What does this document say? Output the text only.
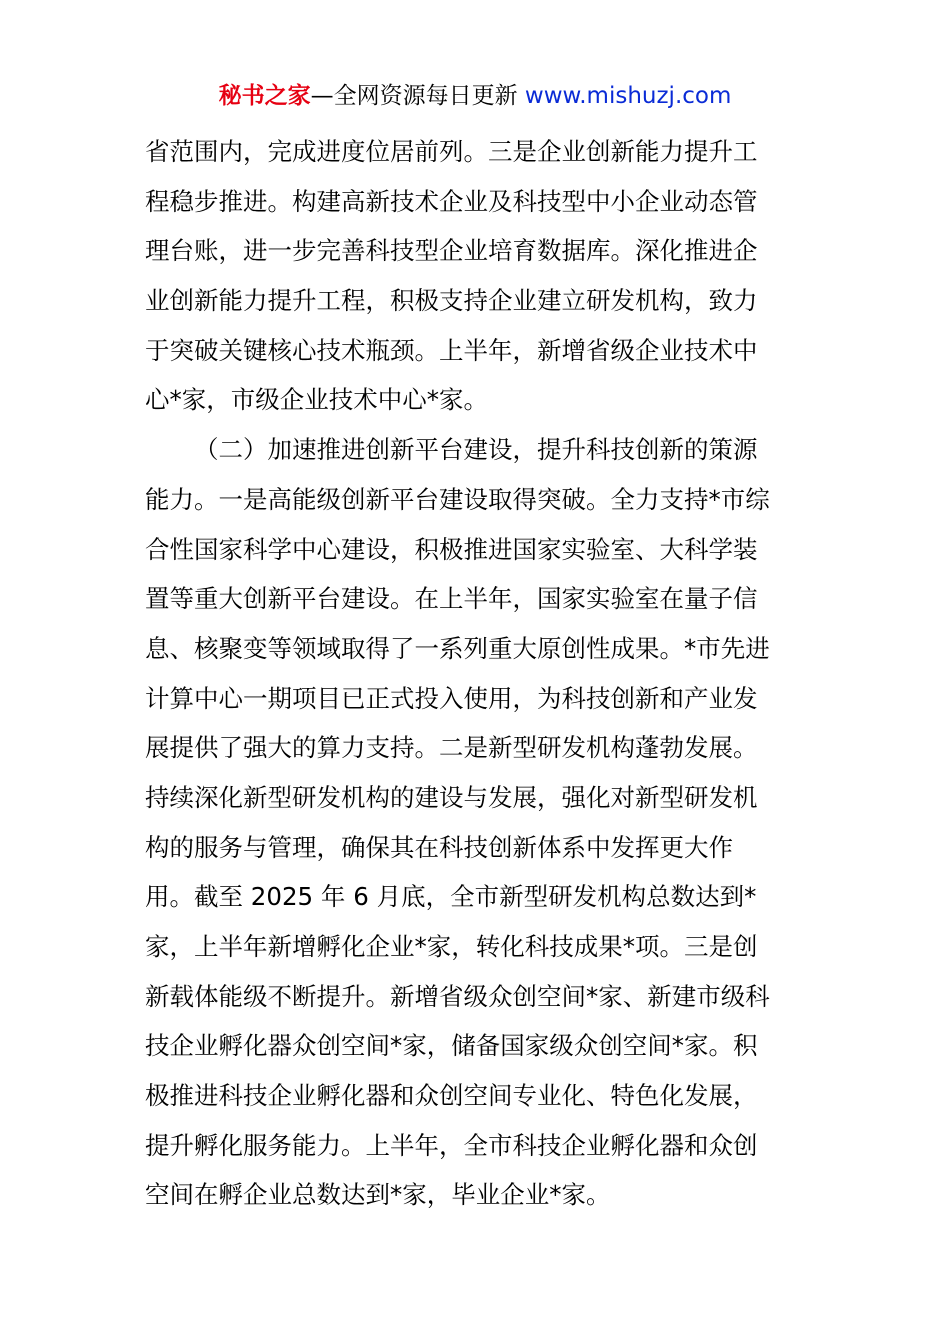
秘书之家—全网资源每日更新 www.mishuzj.com
省范围内，完成进度位居前列。三是企业创新能力提升工
程稳步推进。构建高新技术企业及科技型中小企业动态管
理台账，进一步完善科技型企业培育数据库。深化推进企
业创新能力提升工程，积极支持企业建立研发机构，致力
于突破关键核心技术瓶颈。上半年，新增省级企业技术中
心*家，市级企业技术中心*家。
（二）加速推进创新平台建设，提升科技创新的策源
能力。一是高能级创新平台建设取得突破。全力支持*市综
合性国家科学中心建设，积极推进国家实验室、大科学装
置等重大创新平台建设。在上半年，国家实验室在量子信
息、核聚变等领域取得了一系列重大原创性成果。*市先进
计算中心一期项目已正式投入使用，为科技创新和产业发
展提供了强大的算力支持。二是新型研发机构蓬勃发展。
持续深化新型研发机构的建设与发展，强化对新型研发机
构的服务与管理，确保其在科技创新体系中发挥更大作
用。截至 2025 年 6 月底，全市新型研发机构总数达到*
家，上半年新增孵化企业*家，转化科技成果*项。三是创
新载体能级不断提升。新增省级众创空间*家、新建市级科
技企业孵化器众创空间*家，储备国家级众创空间*家。积
极推进科技企业孵化器和众创空间专业化、特色化发展，
提升孵化服务能力。上半年，全市科技企业孵化器和众创
空间在孵企业总数达到*家，毕业企业*家。
